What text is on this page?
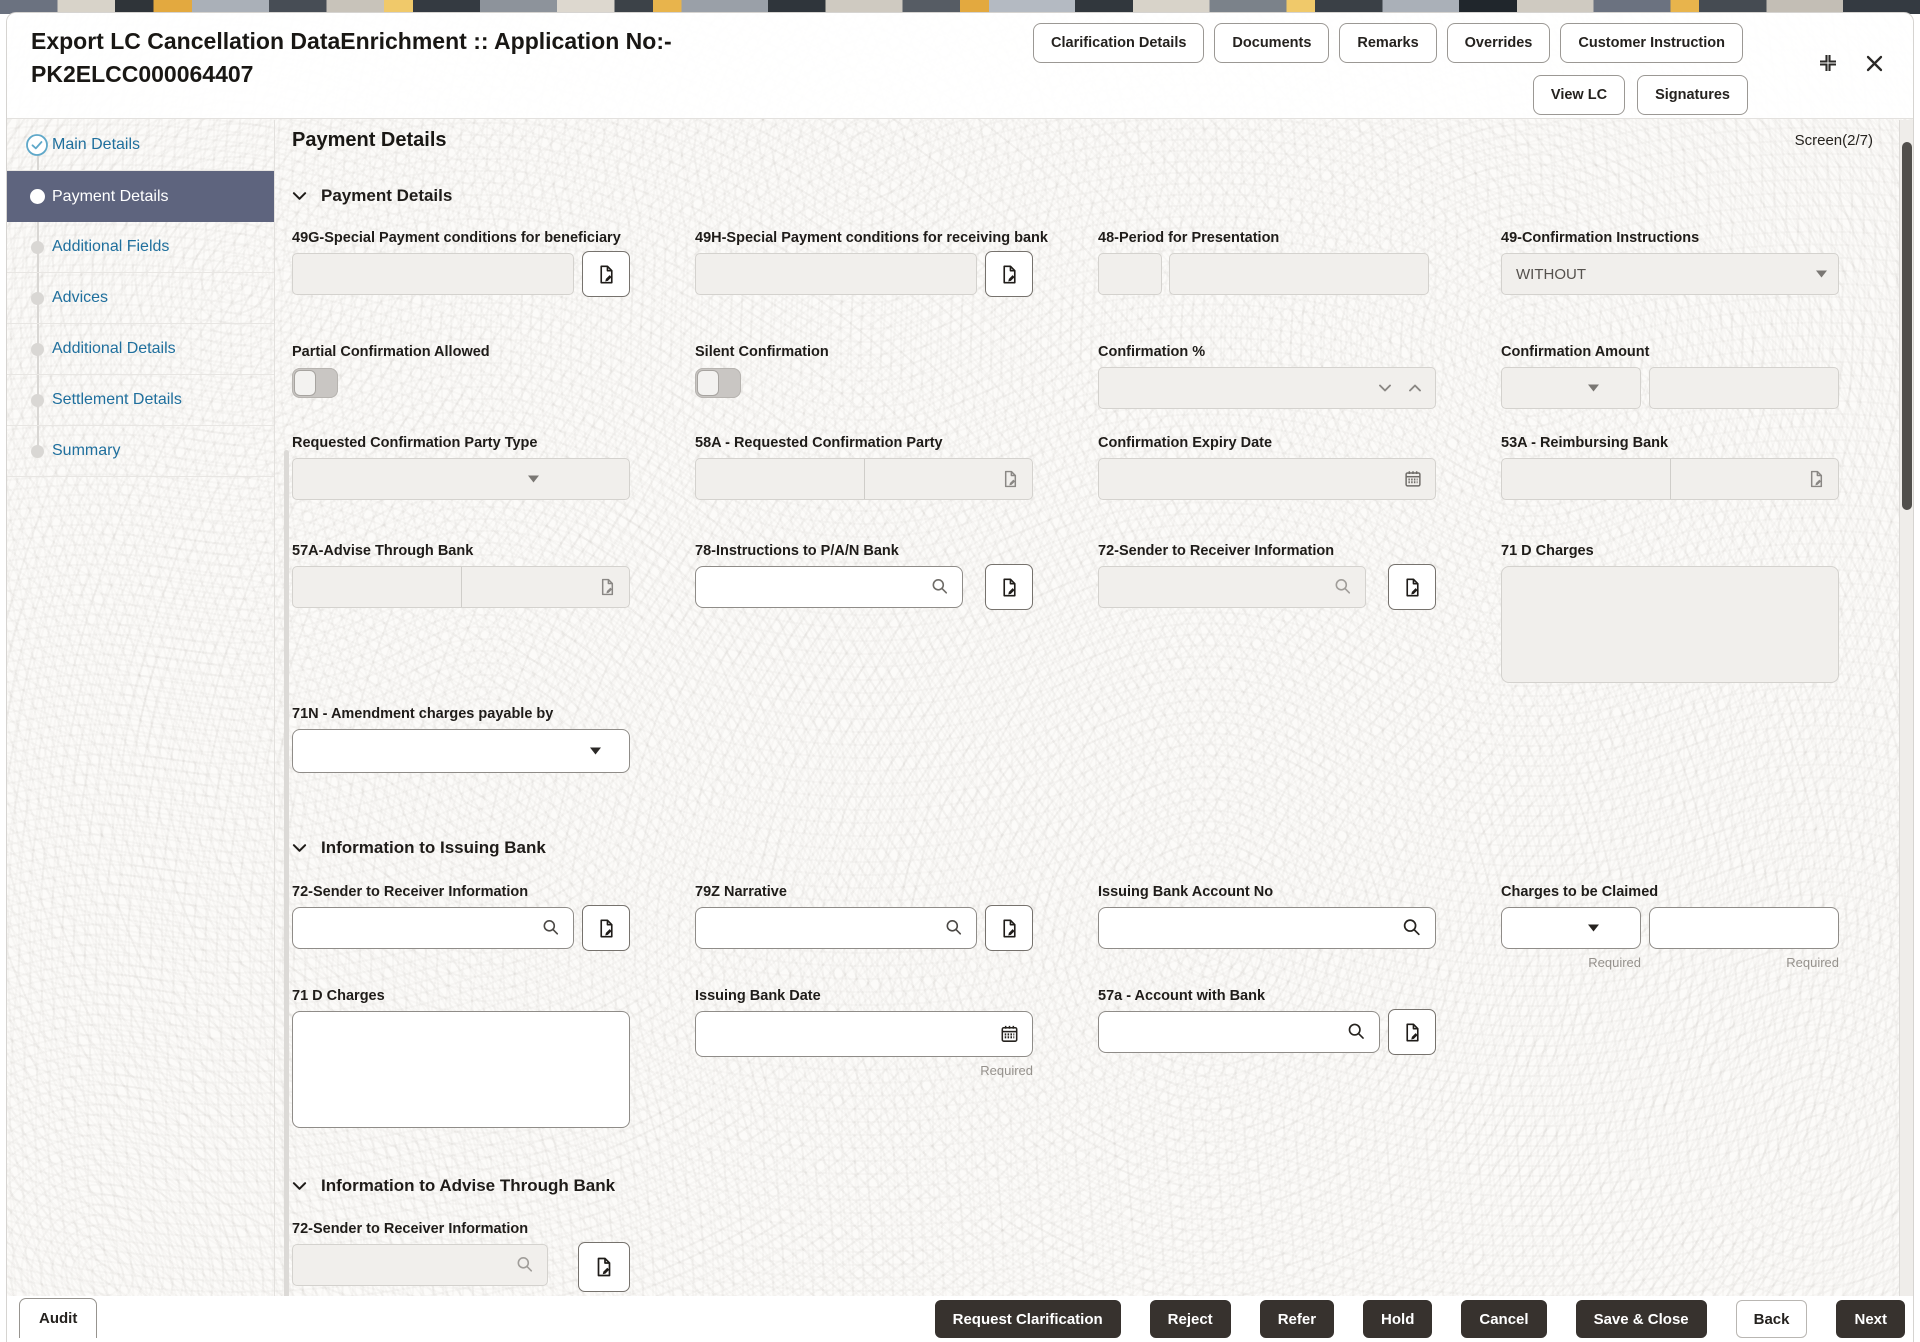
Export LC Cancellation DataEnrichment :: Application No:- PK2ELCC000064407
Clarification Details	Documents	Remarks	Overrides	Customer Instruction
View LC	Signatures
Main Details
Payment Details
Additional Fields
Advices
Additional Details
Settlement Details
Summary
Payment Details	Screen(2/7)
Payment Details
49G-Special Payment conditions for beneficiary	49H-Special Payment conditions for receiving bank	48-Period for Presentation	49-Confirmation Instructions
WITHOUT
Partial Confirmation Allowed	Silent Confirmation	Confirmation %	Confirmation Amount
Requested Confirmation Party Type	58A - Requested Confirmation Party	Confirmation Expiry Date	53A - Reimbursing Bank
57A-Advise Through Bank	78-Instructions to P/A/N Bank	72-Sender to Receiver Information	71 D Charges
71N - Amendment charges payable by
Information to Issuing Bank
72-Sender to Receiver Information	79Z Narrative	Issuing Bank Account No	Charges to be Claimed
Required	Required
71 D Charges	Issuing Bank Date
Required
57a - Account with Bank
Information to Advise Through Bank
72-Sender to Receiver Information
Audit	Request Clarification	Reject	Refer	Hold	Cancel	Save & Close	Back	Next
